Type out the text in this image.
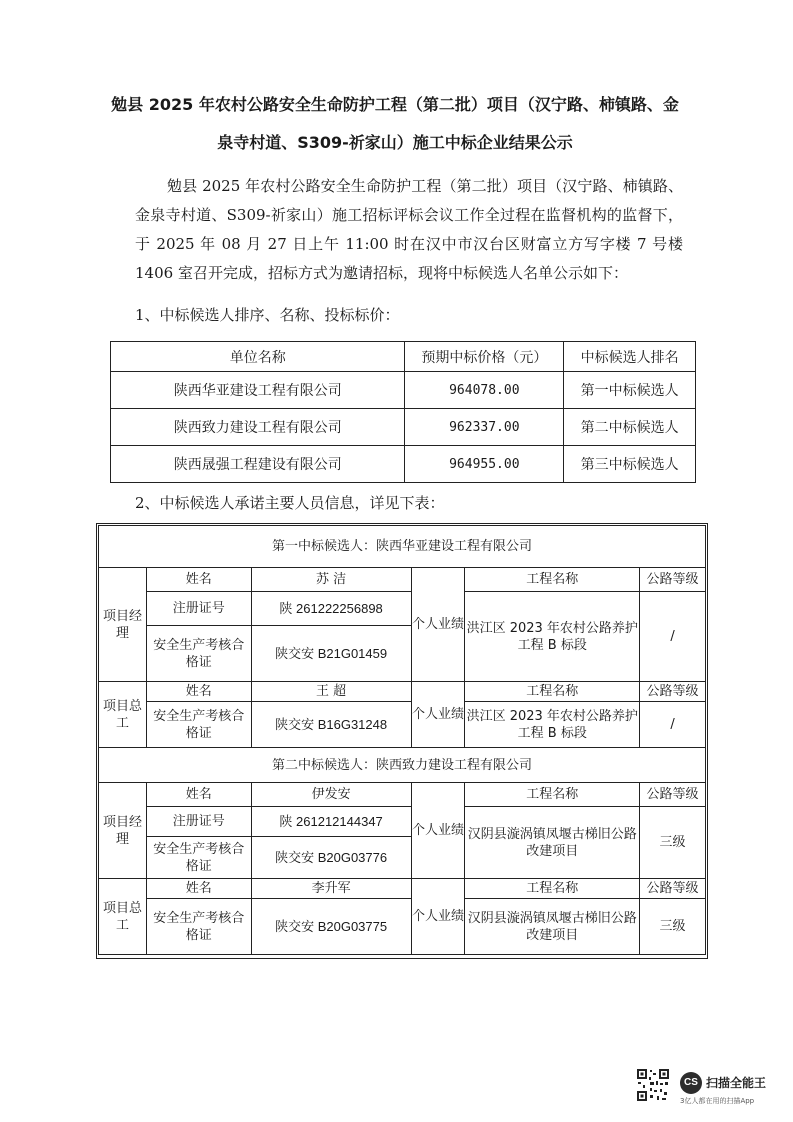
勉县 2025 年农村公路安全生命防护工程（第二批）项目（汉宁路、柿镇路、金
泉寺村道、S309-祈家山）施工中标企业结果公示
勉县 2025 年农村公路安全生命防护工程（第二批）项目（汉宁路、柿镇路、金泉寺村道、S309-祈家山）施工招标评标会议工作全过程在监督机构的监督下，于 2025 年 08 月 27 日上午 11:00 时在汉中市汉台区财富立方写字楼 7 号楼 1406 室召开完成，招标方式为邀请招标，现将中标候选人名单公示如下：
1、中标候选人排序、名称、投标标价：
单位名称	预期中标价格（元）	中标候选人排名
陕西华亚建设工程有限公司	964078.00	第一中标候选人
陕西致力建设工程有限公司	962337.00	第二中标候选人
陕西晟强工程建设有限公司	964955.00	第三中标候选人
2、中标候选人承诺主要人员信息，详见下表：
第一中标候选人：陕西华亚建设工程有限公司					
项目经理	姓名	苏 洁	个人业绩	工程名称	公路等级
	注册证号	陕 261222256898		洪江区 2023 年农村公路养护工程 B 标段	/
	安全生产考核合格证	陕交安 B21G01459			
项目总工	姓名	王 超	个人业绩	工程名称	公路等级
	安全生产考核合格证	陕交安 B16G31248		洪江区 2023 年农村公路养护工程 B 标段	/
第二中标候选人：陕西致力建设工程有限公司					
项目经理	姓名	伊发安	个人业绩	工程名称	公路等级
	注册证号	陕 261212144347		汉阴县漩涡镇凤堰古梯旧公路改建项目	三级
	安全生产考核合格证	陕交安 B20G03776			
项目总工	姓名	李升军	个人业绩	工程名称	公路等级
	安全生产考核合格证	陕交安 B20G03775		汉阴县漩涡镇凤堰古梯旧公路改建项目	三级
CS 扫描全能王
3亿人都在用的扫描App
